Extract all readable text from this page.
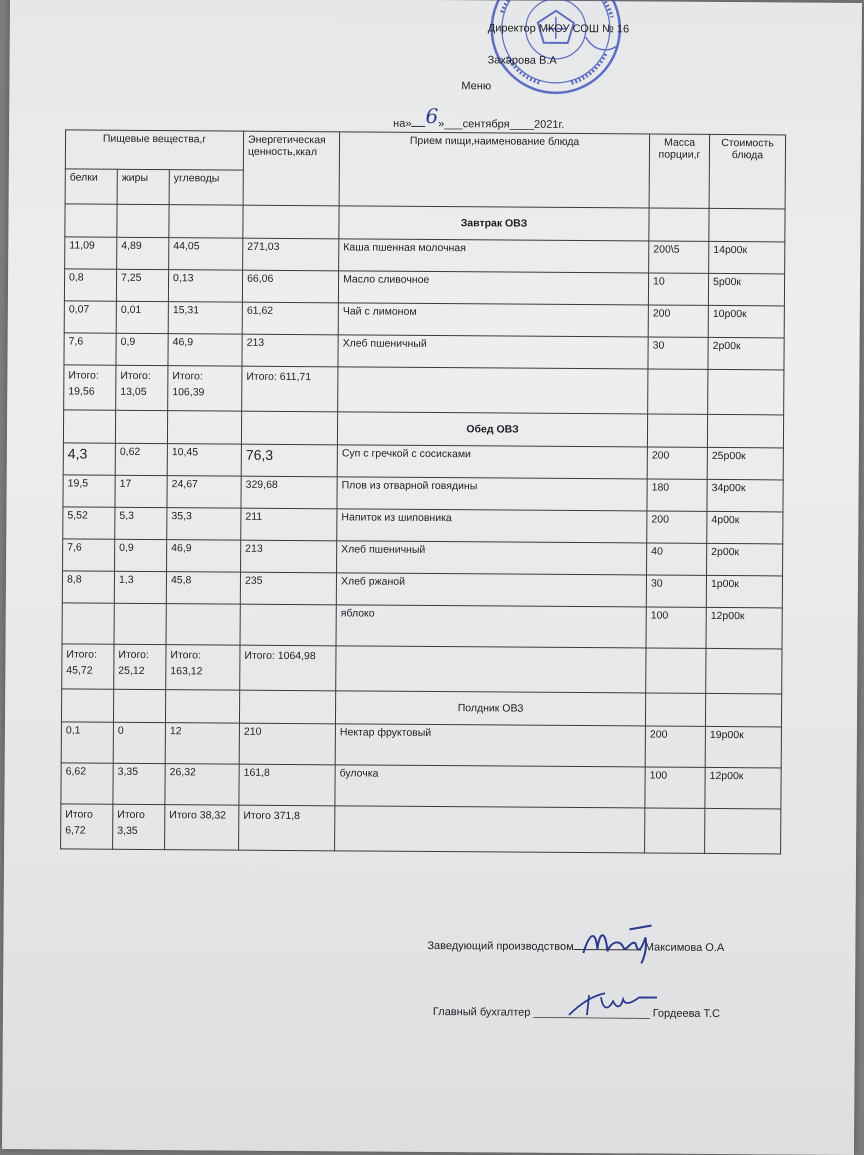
Директор МКОУ СОШ № 16
Захарова В.А
Меню
на» 6»___сентября____2021г.
Пищевые вещества,г			Энергетическая ценность,ккал	Прием пищи,наименование блюда	Масса порции,г	Стоимость блюда
белки	жиры	углеводы				
				Завтрак ОВЗ		
11,09	4,89	44,05	271,03	Каша пшенная молочная	200\5	14р00к
0,8	7,25	0,13	66,06	Масло сливочное	10	5р00к
0,07	0,01	15,31	61,62	Чай с лимоном	200	10р00к
7,6	0,9	46,9	213	Хлеб пшеничный	30	2р00к
Итого: 19,56	Итого: 13,05	Итого: 106,39	Итого: 611,71			
				Обед ОВЗ		
4,3	0,62	10,45	76,3	Суп с гречкой с сосисками	200	25р00к
19,5	17	24,67	329,68	Плов из отварной говядины	180	34р00к
5,52	5,3	35,3	211	Напиток из шиповника	200	4р00к
7,6	0,9	46,9	213	Хлеб пшеничный	40	2р00к
8,8	1,3	45,8	235	Хлеб ржаной	30	1р00к
				яблоко	100	12р00к
Итого: 45,72	Итого: 25,12	Итого: 163,12	Итого: 1064,98			
				Полдник ОВЗ		
0,1	0	12	210	Нектар фруктовый	200	19р00к
6,62	3,35	26,32	161,8	булочка	100	12р00к
Итого 6,72	Итого 3,35	Итого 38,32	Итого 371,8			
Заведующий производством	Максимова О.А
Главный бухгалтер ___________________ Гордеева Т.С
